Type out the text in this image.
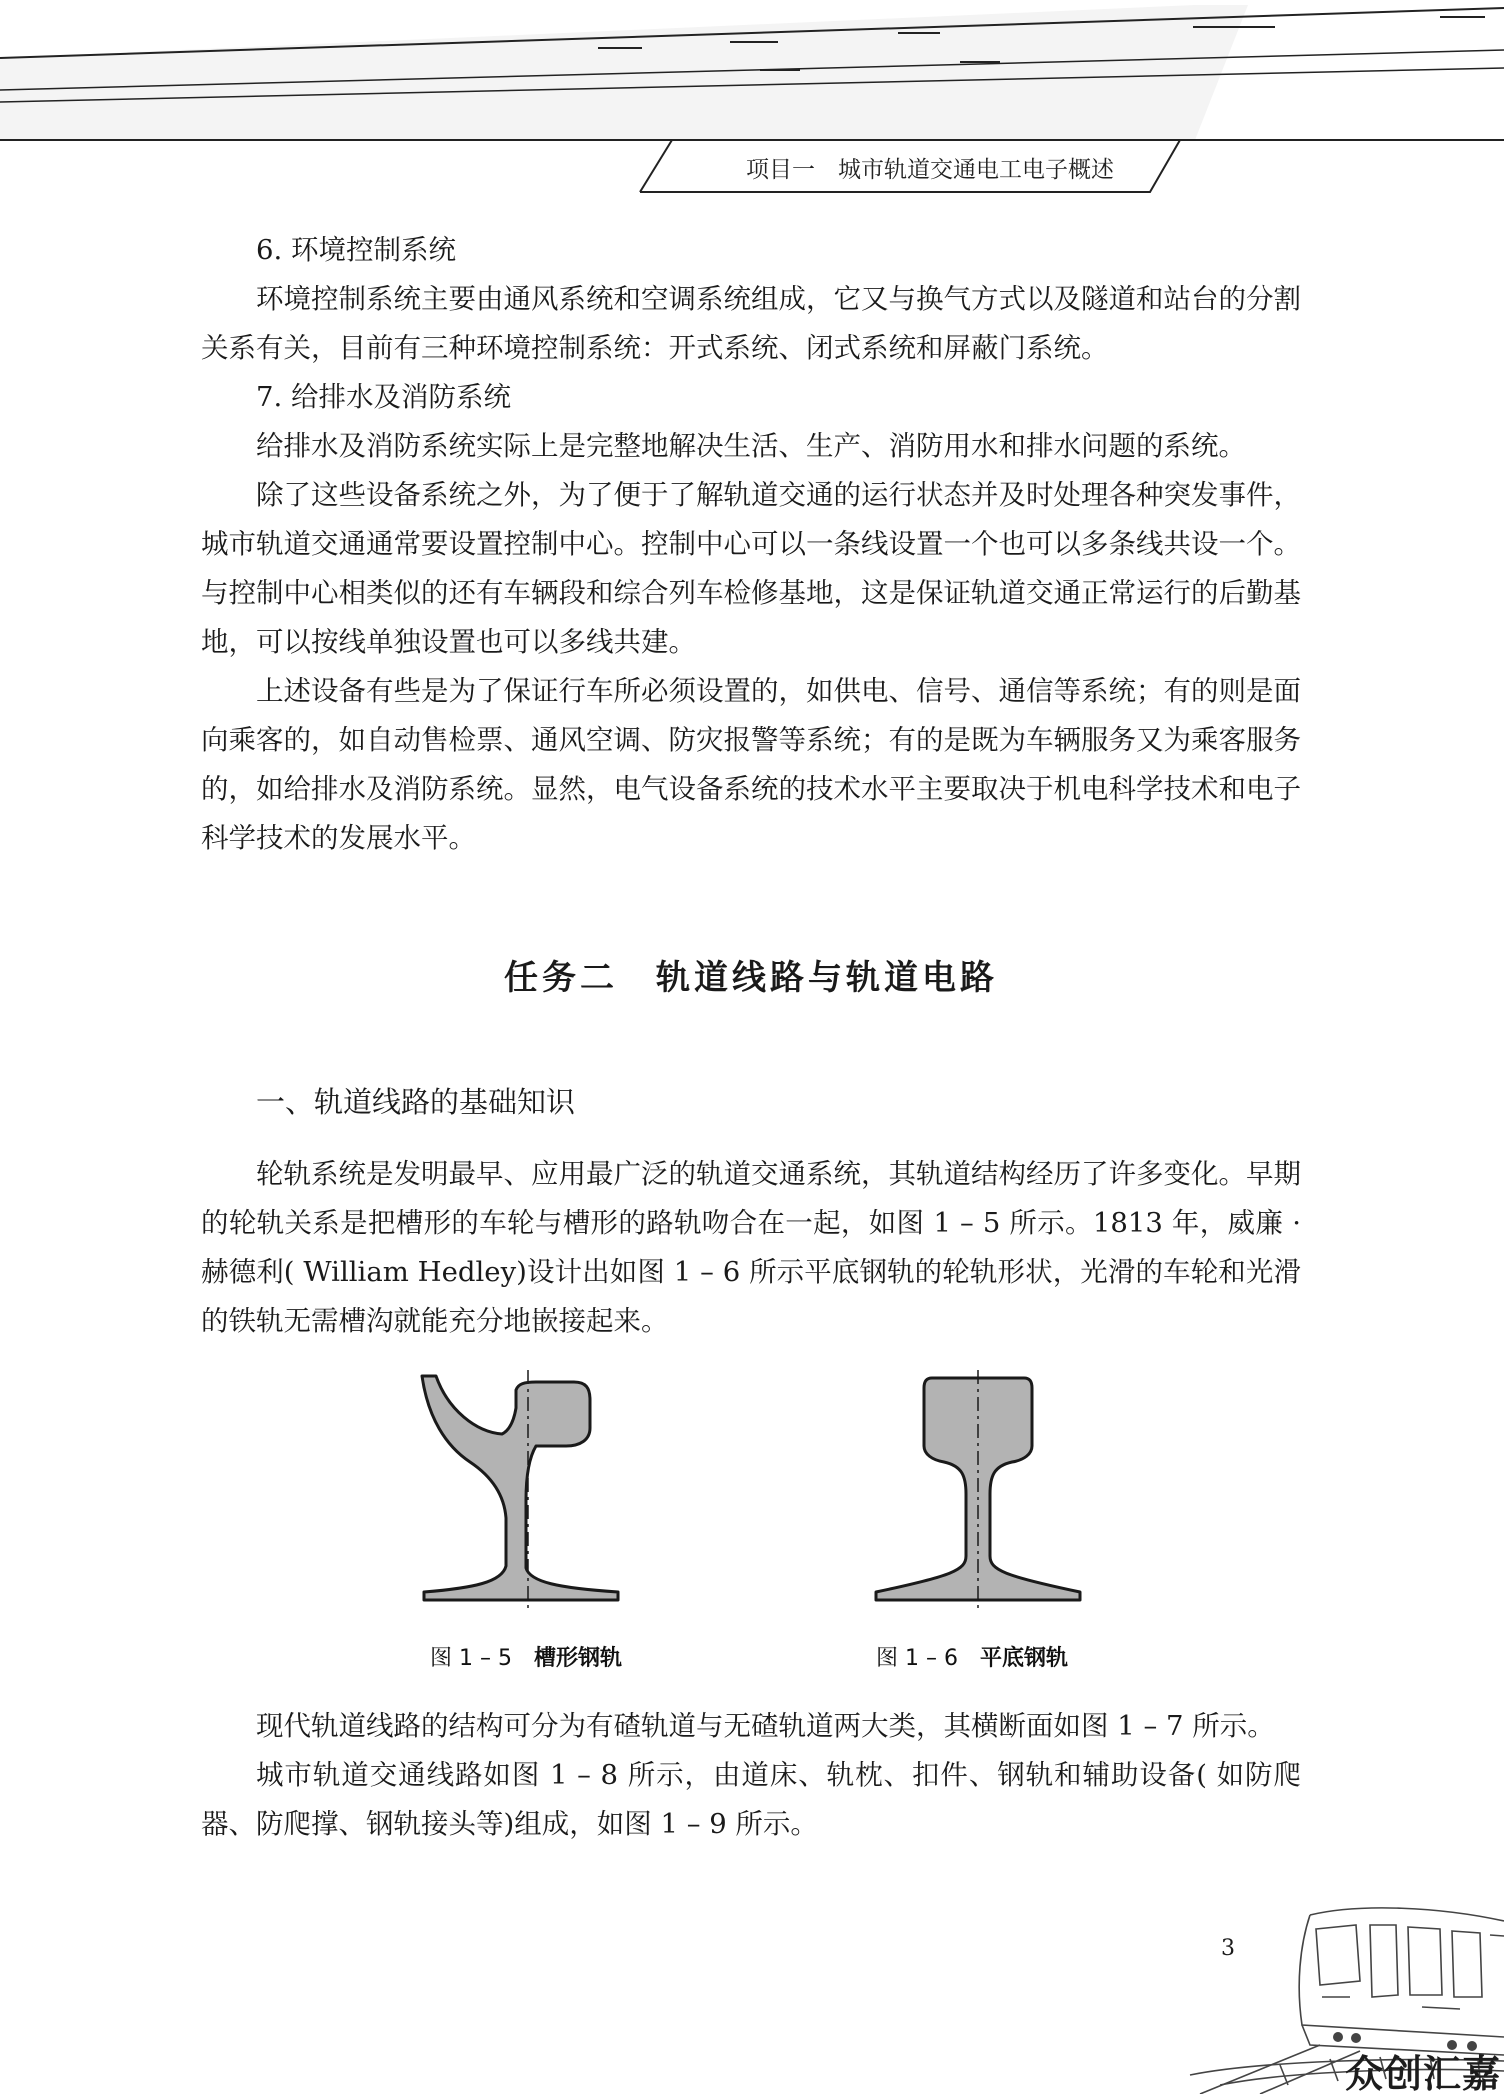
项目一　城市轨道交通电工电子概述

6. 环境控制系统

环境控制系统主要由通风系统和空调系统组成，它又与换气方式以及隧道和站台的分割关系有关，目前有三种环境控制系统：开式系统、闭式系统和屏蔽门系统。

7. 给排水及消防系统

给排水及消防系统实际上是完整地解决生活、生产、消防用水和排水问题的系统。

除了这些设备系统之外，为了便于了解轨道交通的运行状态并及时处理各种突发事件，城市轨道交通通常要设置控制中心。控制中心可以一条线设置一个也可以多条线共设一个。与控制中心相类似的还有车辆段和综合列车检修基地，这是保证轨道交通正常运行的后勤基地，可以按线单独设置也可以多线共建。

上述设备有些是为了保证行车所必须设置的，如供电、信号、通信等系统；有的则是面向乘客的，如自动售检票、通风空调、防灾报警等系统；有的是既为车辆服务又为乘客服务的，如给排水及消防系统。显然，电气设备系统的技术水平主要取决于机电科学技术和电子科学技术的发展水平。

任务二　轨道线路与轨道电路
一、轨道线路的基础知识

轮轨系统是发明最早、应用最广泛的轨道交通系统，其轨道结构经历了许多变化。早期的轮轨关系是把槽形的车轮与槽形的路轨吻合在一起，如图 1 – 5 所示。1813 年，威廉 · 赫德利( William Hedley)设计出如图 1 – 6 所示平底钢轨的轮轨形状，光滑的车轮和光滑的铁轨无需槽沟就能充分地嵌接起来。

图 1 – 5 槽形钢轨	图 1 – 6 平底钢轨

现代轨道线路的结构可分为有碴轨道与无碴轨道两大类，其横断面如图 1 – 7 所示。

城市轨道交通线路如图 1 – 8 所示，由道床、轨枕、扣件、钢轨和辅助设备( 如防爬器、防爬撑、钢轨接头等)组成，如图 1 – 9 所示。

3
众创汇嘉
